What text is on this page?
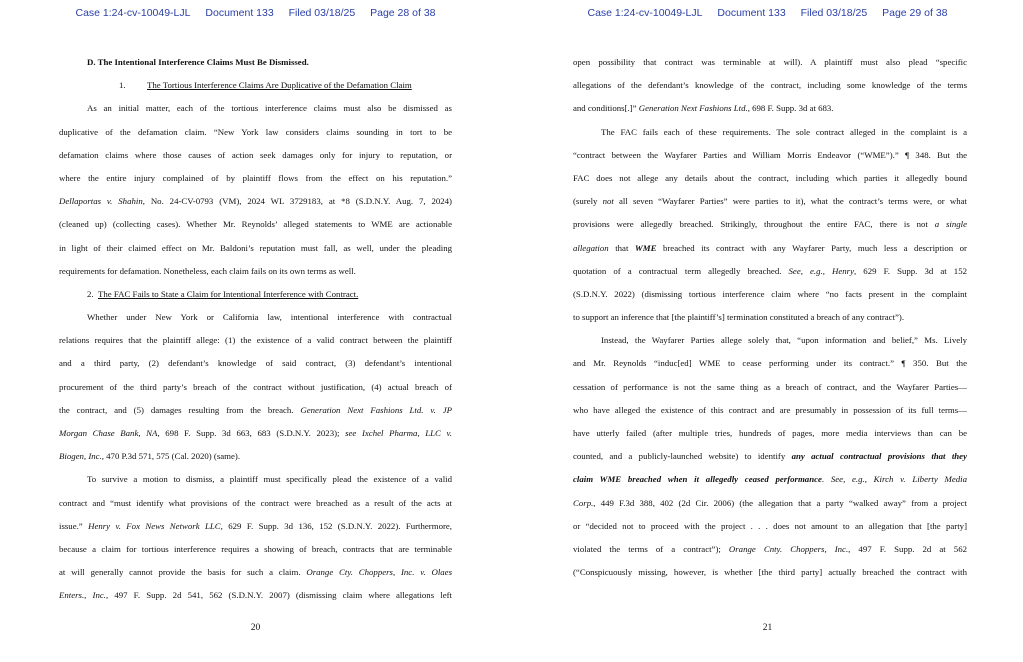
Case 1:24-cv-10049-LJL Document 133 Filed 03/18/25 Page 28 of 38
D. The Intentional Interference Claims Must Be Dismissed.
1. The Tortious Interference Claims Are Duplicative of the Defamation Claim
As an initial matter, each of the tortious interference claims must also be dismissed as
duplicative of the defamation claim. “New York law considers claims sounding in tort to be
defamation claims where those causes of action seek damages only for injury to reputation, or
where the entire injury complained of by plaintiff flows from the effect on his reputation.”
Dellaportas v. Shahin, No. 24-CV-0793 (VM), 2024 WL 3729183, at *8 (S.D.N.Y. Aug. 7, 2024)
(cleaned up) (collecting cases). Whether Mr. Reynolds’ alleged statements to WME are actionable
in light of their claimed effect on Mr. Baldoni’s reputation must fall, as well, under the pleading
requirements for defamation. Nonetheless, each claim fails on its own terms as well.
2. The FAC Fails to State a Claim for Intentional Interference with Contract.
Whether under New York or California law, intentional interference with contractual
relations requires that the plaintiff allege: (1) the existence of a valid contract between the plaintiff
and a third party, (2) defendant’s knowledge of said contract, (3) defendant’s intentional
procurement of the third party’s breach of the contract without justification, (4) actual breach of
the contract, and (5) damages resulting from the breach. Generation Next Fashions Ltd. v. JP
Morgan Chase Bank, NA, 698 F. Supp. 3d 663, 683 (S.D.N.Y. 2023); see Ixchel Pharma, LLC v.
Biogen, Inc., 470 P.3d 571, 575 (Cal. 2020) (same).
To survive a motion to dismiss, a plaintiff must specifically plead the existence of a valid
contract and “must identify what provisions of the contract were breached as a result of the acts at
issue.” Henry v. Fox News Network LLC, 629 F. Supp. 3d 136, 152 (S.D.N.Y. 2022). Furthermore,
because a claim for tortious interference requires a showing of breach, contracts that are terminable
at will generally cannot provide the basis for such a claim. Orange Cty. Choppers, Inc. v. Olaes
Enters., Inc., 497 F. Supp. 2d 541, 562 (S.D.N.Y. 2007) (dismissing claim where allegations left
20
Case 1:24-cv-10049-LJL Document 133 Filed 03/18/25 Page 29 of 38
open possibility that contract was terminable at will). A plaintiff must also plead “specific
allegations of the defendant’s knowledge of the contract, including some knowledge of the terms
and conditions[.]” Generation Next Fashions Ltd., 698 F. Supp. 3d at 683.
The FAC fails each of these requirements. The sole contract alleged in the complaint is a
“contract between the Wayfarer Parties and William Morris Endeavor (“WME”).” ¶ 348. But the
FAC does not allege any details about the contract, including which parties it allegedly bound
(surely not all seven “Wayfarer Parties” were parties to it), what the contract’s terms were, or what
provisions were allegedly breached. Strikingly, throughout the entire FAC, there is not a single
allegation that WME breached its contract with any Wayfarer Party, much less a description or
quotation of a contractual term allegedly breached. See, e.g., Henry, 629 F. Supp. 3d at 152
(S.D.N.Y. 2022) (dismissing tortious interference claim where “no facts present in the complaint
to support an inference that [the plaintiff’s] termination constituted a breach of any contract”).
Instead, the Wayfarer Parties allege solely that, “upon information and belief,” Ms. Lively
and Mr. Reynolds “induc[ed] WME to cease performing under its contract.” ¶ 350. But the
cessation of performance is not the same thing as a breach of contract, and the Wayfarer Parties—
who have alleged the existence of this contract and are presumably in possession of its full terms—
have utterly failed (after multiple tries, hundreds of pages, more media interviews than can be
counted, and a publicly-launched website) to identify any actual contractual provisions that they
claim WME breached when it allegedly ceased performance. See, e.g., Kirch v. Liberty Media
Corp., 449 F.3d 388, 402 (2d Cir. 2006) (the allegation that a party “walked away” from a project
or “decided not to proceed with the project . . . does not amount to an allegation that [the party]
violated the terms of a contract”); Orange Cnty. Choppers, Inc., 497 F. Supp. 2d at 562
(“Conspicuously missing, however, is whether [the third party] actually breached the contract with
21
